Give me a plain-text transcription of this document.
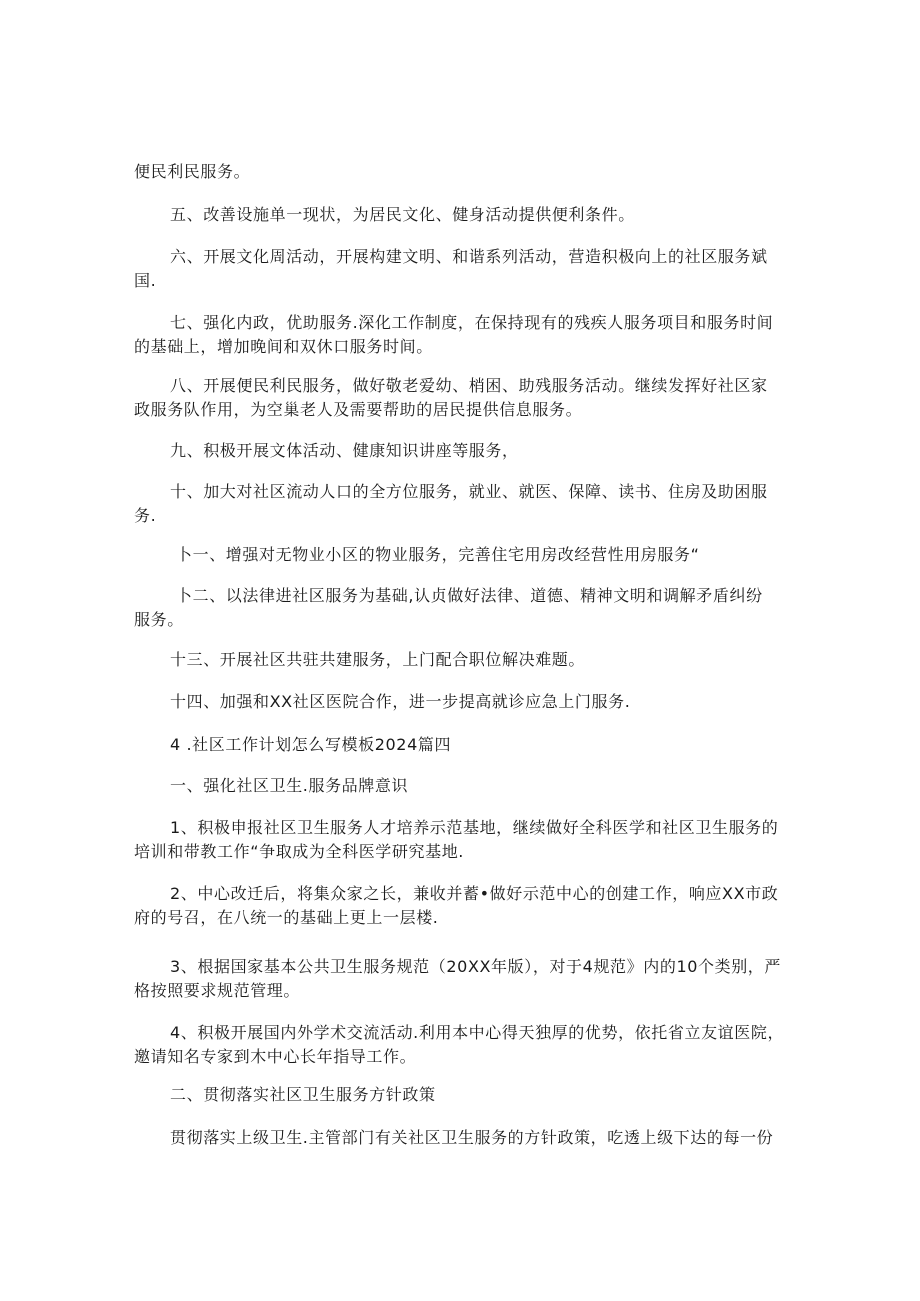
便民利民服务。
五、改善设施单一现状，为居民文化、健身活动提供便利条件。
六、开展文化周活动，开展构建文明、和谐系列活动，营造积极向上的社区服务斌
国.
七、强化内政，优助服务.深化工作制度，在保持现有的残疾人服务项目和服务时间
的基础上，增加晚间和双休口服务时间。
八、开展便民利民服务，做好敬老爱幼、梢困、助残服务活动。继续发挥好社区家
政服务队作用，为空巢老人及需要帮助的居民提供信息服务。
九、积极开展文体活动、健康知识讲座等服务，
十、加大对社区流动人口的全方位服务，就业、就医、保障、读书、住房及助困服
务.
卜一、增强对无物业小区的物业服务，完善住宅用房改经营性用房服务“
卜二、以法律进社区服务为基础,认贞做好法律、道德、精神文明和调解矛盾纠纷
服务。
十三、开展社区共驻共建服务，上门配合职位解决难题。
十四、加强和XX社区医院合作，进一步提高就诊应急上门服务.
4 .社区工作计划怎么写模板2024篇四
一、强化社区卫生.服务品牌意识
1、积极申报社区卫生服务人才培养示范基地，继续做好全科医学和社区卫生服务的
培训和带教工作“争取成为全科医学研究基地.
2、中心改迁后，将集众家之长，兼收并蓄•做好示范中心的创建工作，响应XX市政
府的号召，在八统一的基础上更上一层楼.
3、根据国家基本公共卫生服务规范（20XX年版），对于4规范》内的10个类别，严
格按照要求规范管理。
4、积极开展国内外学术交流活动.利用本中心得天独厚的优势，依托省立友谊医院，
邀请知名专家到木中心长年指导工作。
二、贯彻落实社区卫生服务方针政策
贯彻落实上级卫生.主管部门有关社区卫生服务的方针政策，吃透上级下达的每一份
